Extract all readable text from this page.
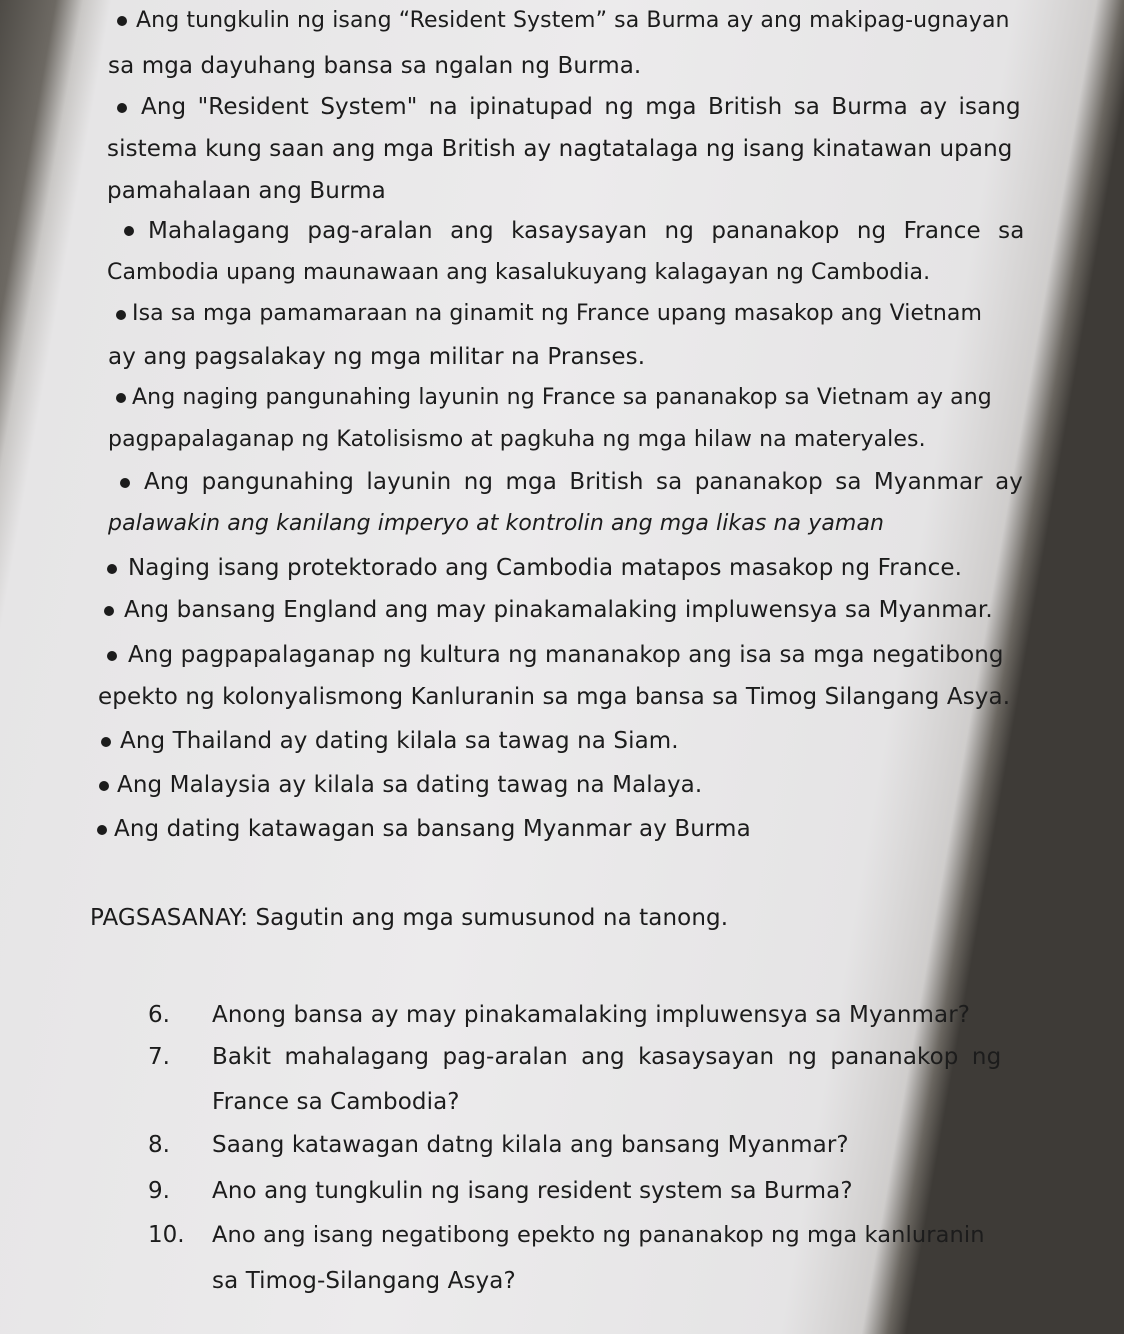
Ang tungkulin ng isang “Resident System” sa Burma ay ang makipag-ugnayan

sa mga dayuhang bansa sa ngalan ng Burma.

Ang "Resident System" na ipinatupad ng mga British sa Burma ay isang

sistema kung saan ang mga British ay nagtatalaga ng isang kinatawan upang

pamahalaan ang Burma

Mahalagang pag-aralan ang kasaysayan ng pananakop ng France sa

Cambodia upang maunawaan ang kasalukuyang kalagayan ng Cambodia.

Isa sa mga pamamaraan na ginamit ng France upang masakop ang Vietnam

ay ang pagsalakay ng mga militar na Pranses.

Ang naging pangunahing layunin ng France sa pananakop sa Vietnam ay ang

pagpapalaganap ng Katolisismo at pagkuha ng mga hilaw na materyales.

Ang pangunahing layunin ng mga British sa pananakop sa Myanmar ay

palawakin ang kanilang imperyo at kontrolin ang mga likas na yaman

Naging isang protektorado ang Cambodia matapos masakop ng France.

Ang bansang England ang may pinakamalaking impluwensya sa Myanmar.

Ang pagpapalaganap ng kultura ng mananakop ang isa sa mga negatibong

epekto ng kolonyalismong Kanluranin sa mga bansa sa Timog Silangang Asya.

Ang Thailand ay dating kilala sa tawag na Siam.

Ang Malaysia ay kilala sa dating tawag na Malaya.

Ang dating katawagan sa bansang Myanmar ay Burma

PAGSASANAY: Sagutin ang mga sumusunod na tanong.

6. Anong bansa ay may pinakamalaking impluwensya sa Myanmar?

7. Bakit mahalagang pag-aralan ang kasaysayan ng pananakop ng

France sa Cambodia?

8. Saang katawagan datng kilala ang bansang Myanmar?

9. Ano ang tungkulin ng isang resident system sa Burma?

10. Ano ang isang negatibong epekto ng pananakop ng mga kanluranin

sa Timog-Silangang Asya?
